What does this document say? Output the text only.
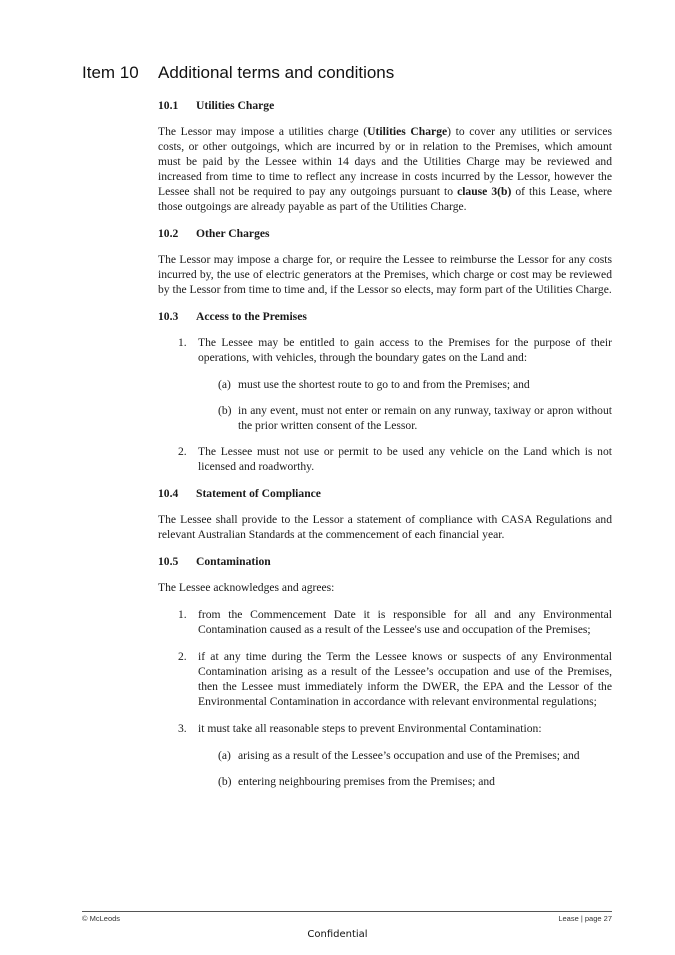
Item 10 Additional terms and conditions
10.1 Utilities Charge

The Lessor may impose a utilities charge (Utilities Charge) to cover any utilities or services costs, or other outgoings, which are incurred by or in relation to the Premises, which amount must be paid by the Lessee within 14 days and the Utilities Charge may be reviewed and increased from time to time to reflect any increase in costs incurred by the Lessor, however the Lessee shall not be required to pay any outgoings pursuant to clause 3(b) of this Lease, where those outgoings are already payable as part of the Utilities Charge.

10.2 Other Charges

The Lessor may impose a charge for, or require the Lessee to reimburse the Lessor for any costs incurred by, the use of electric generators at the Premises, which charge or cost may be reviewed by the Lessor from time to time and, if the Lessor so elects, may form part of the Utilities Charge.

10.3 Access to the Premises
1. The Lessee may be entitled to gain access to the Premises for the purpose of their operations, with vehicles, through the boundary gates on the Land and:
(a) must use the shortest route to go to and from the Premises; and
(b) in any event, must not enter or remain on any runway, taxiway or apron without the prior written consent of the Lessor.
2. The Lessee must not use or permit to be used any vehicle on the Land which is not licensed and roadworthy.
10.4 Statement of Compliance

The Lessee shall provide to the Lessor a statement of compliance with CASA Regulations and relevant Australian Standards at the commencement of each financial year.

10.5 Contamination

The Lessee acknowledges and agrees:

1. from the Commencement Date it is responsible for all and any Environmental Contamination caused as a result of the Lessee's use and occupation of the Premises;
2. if at any time during the Term the Lessee knows or suspects of any Environmental Contamination arising as a result of the Lessee’s occupation and use of the Premises, then the Lessee must immediately inform the DWER, the EPA and the Lessor of the Environmental Contamination in accordance with relevant environmental regulations;
3. it must take all reasonable steps to prevent Environmental Contamination:
(a) arising as a result of the Lessee’s occupation and use of the Premises; and
(b) entering neighbouring premises from the Premises; and
© McLeods	Lease | page 27
Confidential
